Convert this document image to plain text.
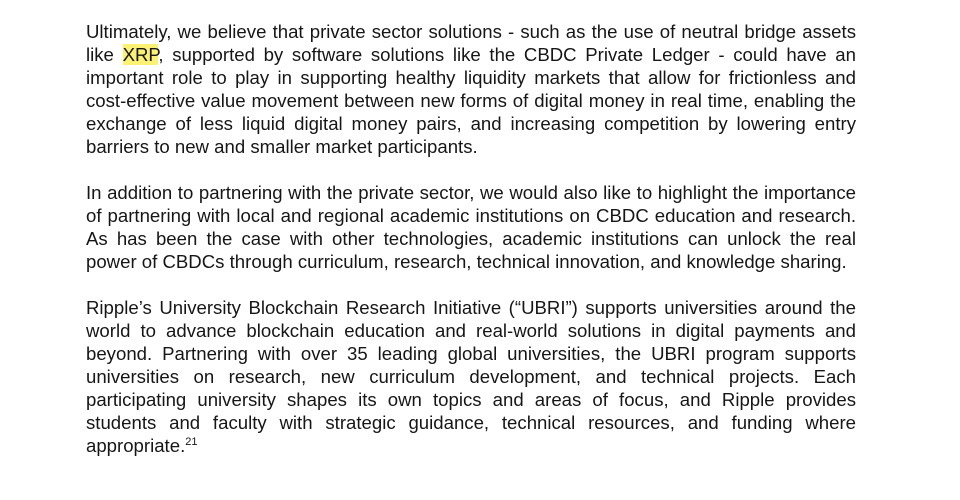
Ultimately, we believe that private sector solutions - such as the use of neutral bridge assets like XRP, supported by software solutions like the CBDC Private Ledger - could have an important role to play in supporting healthy liquidity markets that allow for frictionless and cost-effective value movement between new forms of digital money in real time, enabling the exchange of less liquid digital money pairs, and increasing competition by lowering entry barriers to new and smaller market participants.

In addition to partnering with the private sector, we would also like to highlight the importance of partnering with local and regional academic institutions on CBDC education and research. As has been the case with other technologies, academic institutions can unlock the real power of CBDCs through curriculum, research, technical innovation, and knowledge sharing.

Ripple’s University Blockchain Research Initiative (“UBRI”) supports universities around the world to advance blockchain education and real-world solutions in digital payments and beyond. Partnering with over 35 leading global universities, the UBRI program supports universities on research, new curriculum development, and technical projects. Each participating university shapes its own topics and areas of focus, and Ripple provides students and faculty with strategic guidance, technical resources, and funding where appropriate.$^{21}$
